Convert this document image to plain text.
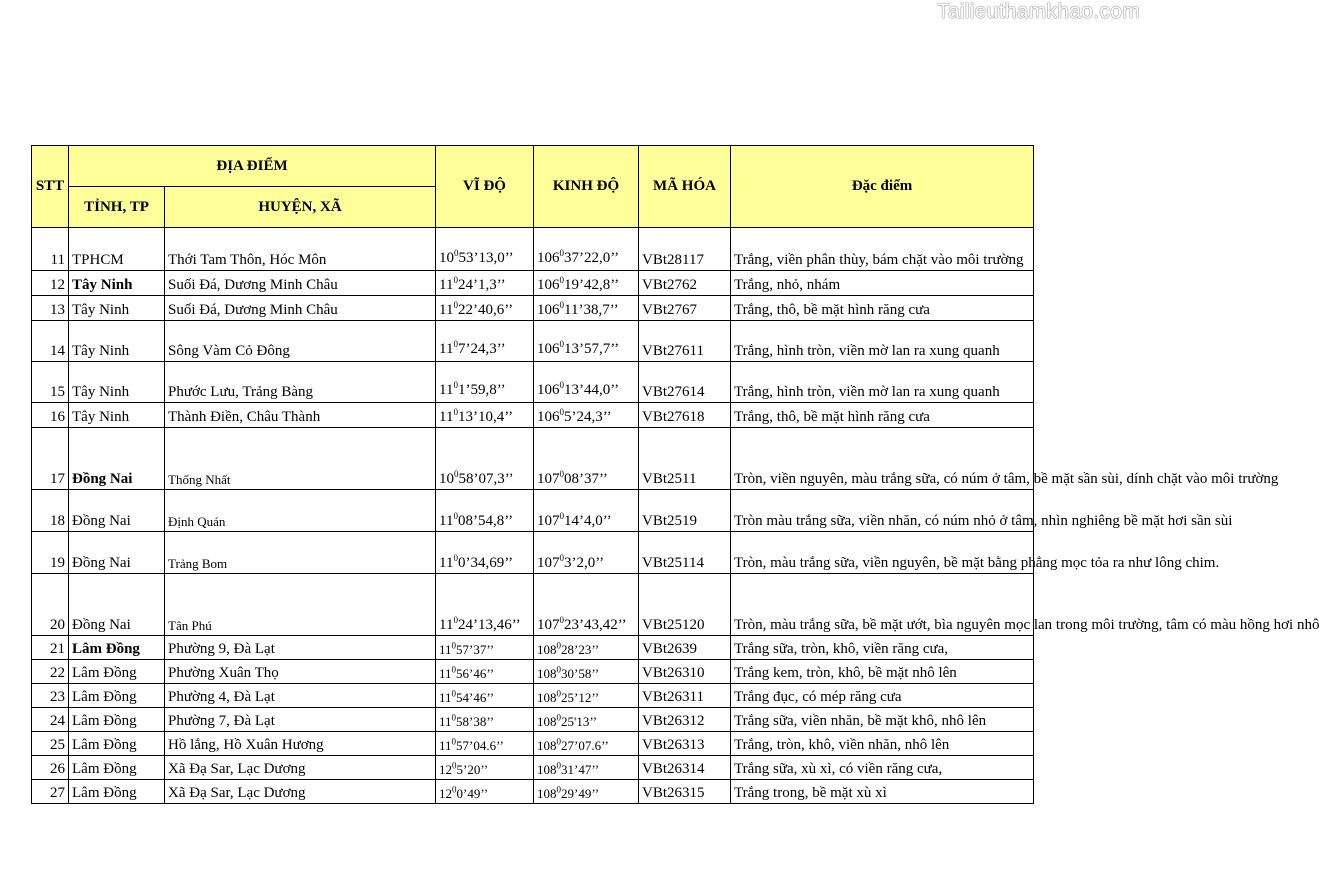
Tailieuthamkhao.com
STT	ĐỊA ĐIỂM		VĨ ĐỘ	KINH ĐỘ	MÃ HÓA	Đặc điểm
	TỈNH, TP	HUYỆN, XÃ				
11	TPHCM	Thới Tam Thôn, Hóc Môn	$10^053’13,0$’’	$106^037’22,0$’’	VBt28117	Trắng, viền phân thùy, bám chặt vào môi trường
12	Tây Ninh	Suối Đá, Dương Minh Châu	$11^024’1,3$’’	$106^019’42,8$’’	VBt2762	Trắng, nhỏ, nhám
13	Tây Ninh	Suối Đá, Dương Minh Châu	$11^022’40,6$’’	$106^011’38,7$’’	VBt2767	Trắng, thô, bề mặt hình răng cưa
14	Tây Ninh	Sông Vàm Cỏ Đông	$11^07’24,3$’’	$106^013’57,7$’’	VBt27611	Trắng, hình tròn, viền mờ lan ra xung quanh
15	Tây Ninh	Phước Lưu, Trảng Bàng	$11^01’59,8$’’	$106^013’44,0$’’	VBt27614	Trắng, hình tròn, viền mờ lan ra xung quanh
16	Tây Ninh	Thành Điền, Châu Thành	$11^013’10,4$’’	$106^05’24,3$’’	VBt27618	Trắng, thô, bề mặt hình răng cưa
17	Đồng Nai	Thống Nhất	$10^058’07,3$’’	$107^008’37$’’	VBt2511	Tròn, viền nguyên, màu trắng sữa, có núm ở tâm, bề mặt sần sùi, dính chặt vào môi trường
18	Đồng Nai	Định Quán	$11^008’54,8$’’	$107^014’4,0$’’	VBt2519	Tròn màu trắng sữa, viền nhăn, có núm nhỏ ở tâm, nhìn nghiêng bề mặt hơi sần sùi
19	Đồng Nai	Trảng Bom	$11^00’34,69$’’	$107^03’2,0$’’	VBt25114	Tròn, màu trắng sữa, viền nguyên, bề mặt bằng phẳng mọc tỏa ra như lông chim.
20	Đồng Nai	Tân Phú	$11^024’13,46$’’	$107^023’43,42$’’	VBt25120	Tròn, màu trắng sữa, bề mặt ướt, bìa nguyên mọc lan trong môi trường, tâm có màu hồng hơi nhô
21	Lâm Đồng	Phường 9, Đà Lạt	$11^057’37$’’	$108^028’23$’’	VBt2639	Trắng sữa, tròn, khô, viền răng cưa,
22	Lâm Đồng	Phường Xuân Thọ	$11^056’46$’’	$108^030’58$’’	VBt26310	Trắng kem, tròn, khô, bề mặt nhô lên
23	Lâm Đồng	Phường 4, Đà Lạt	$11^054’46$’’	$108^025’12$’’	VBt26311	Trắng đục, có mép răng cưa
24	Lâm Đồng	Phường 7, Đà Lạt	$11^058’38$’’	$108^025'13$’’	VBt26312	Trắng sữa, viền nhăn, bề mặt khô, nhô lên
25	Lâm Đồng	Hồ lắng, Hồ Xuân Hương	$11^057’04.6$’’	$108^027’07.6$’’	VBt26313	Trắng, tròn, khô, viền nhăn, nhô lên
26	Lâm Đồng	Xã Đạ Sar, Lạc Dương	$12^05’20$’’	$108^031’47$’’	VBt26314	Trắng sữa, xù xì, có viền răng cưa,
27	Lâm Đồng	Xã Đạ Sar, Lạc Dương	$12^00’49$’’	$108^029’49$’’	VBt26315	Trắng trong, bề mặt xù xì
